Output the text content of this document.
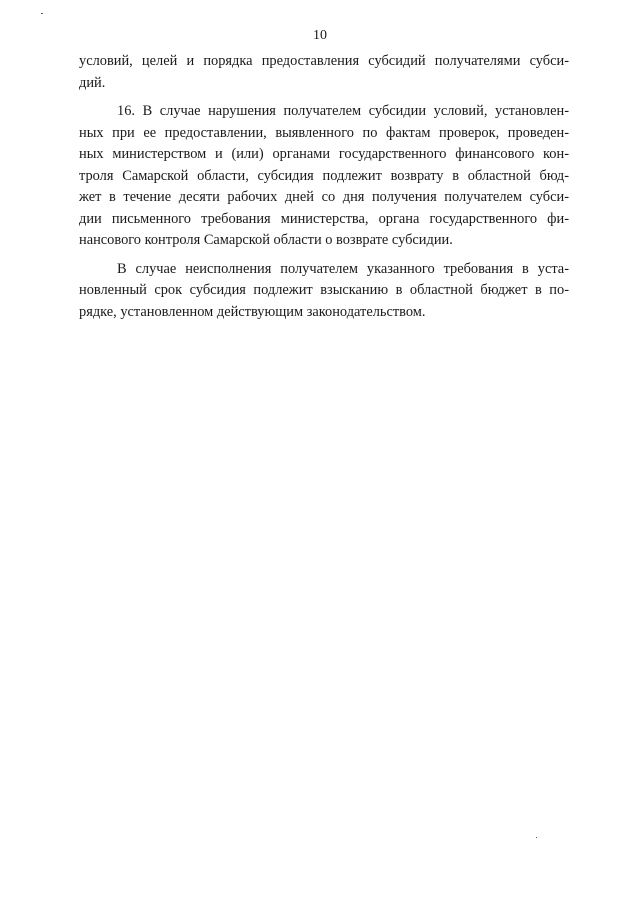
10
условий, целей и порядка предоставления субсидий получателями субси-
дий.
16. В случае нарушения получателем субсидии условий, установлен-
ных при ее предоставлении, выявленного по фактам проверок, проведен-
ных министерством и (или) органами государственного финансового кон-
троля Самарской области, субсидия подлежит возврату в областной бюд-
жет в течение десяти рабочих дней со дня получения получателем субси-
дии письменного требования министерства, органа государственного фи-
нансового контроля Самарской области о возврате субсидии.
В случае неисполнения получателем указанного требования в уста-
новленный срок субсидия подлежит взысканию в областной бюджет в по-
рядке, установленном действующим законодательством.
